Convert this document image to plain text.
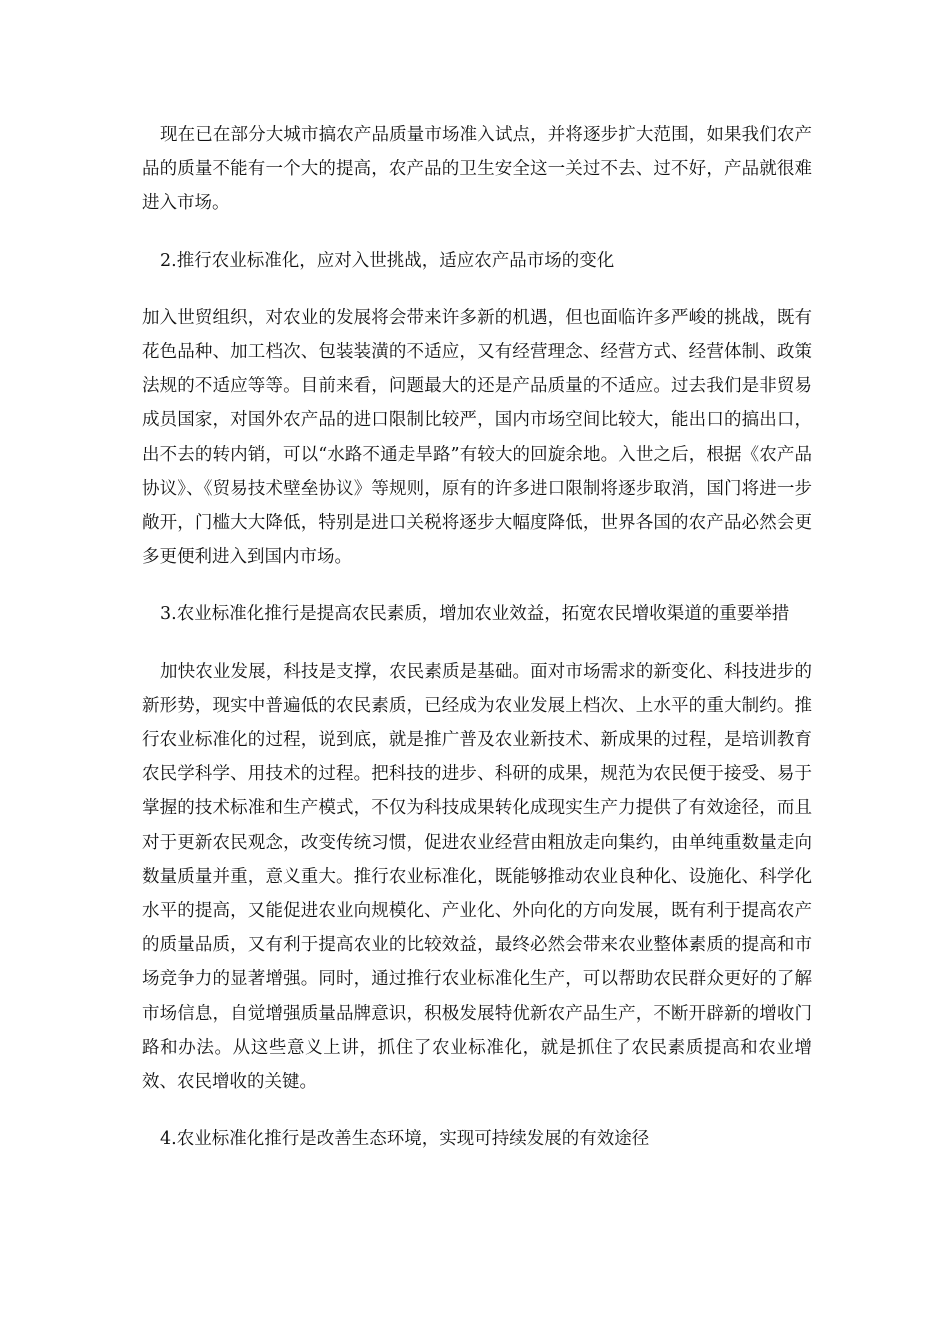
现在已在部分大城市搞农产品质量市场准入试点，并将逐步扩大范围，如果我们农产品的质量不能有一个大的提高，农产品的卫生安全这一关过不去、过不好，产品就很难进入市场。

2.推行农业标准化，应对入世挑战，适应农产品市场的变化

加入世贸组织，对农业的发展将会带来许多新的机遇，但也面临许多严峻的挑战，既有花色品种、加工档次、包装装潢的不适应，又有经营理念、经营方式、经营体制、政策法规的不适应等等。目前来看，问题最大的还是产品质量的不适应。过去我们是非贸易成员国家，对国外农产品的进口限制比较严，国内市场空间比较大，能出口的搞出口，出不去的转内销，可以“水路不通走旱路”有较大的回旋余地。入世之后，根据《农产品协议》、《贸易技术壁垒协议》等规则，原有的许多进口限制将逐步取消，国门将进一步敞开，门槛大大降低，特别是进口关税将逐步大幅度降低，世界各国的农产品必然会更多更便利进入到国内市场。

3.农业标准化推行是提高农民素质，增加农业效益，拓宽农民增收渠道的重要举措

加快农业发展，科技是支撑，农民素质是基础。面对市场需求的新变化、科技进步的新形势，现实中普遍低的农民素质，已经成为农业发展上档次、上水平的重大制约。推行农业标准化的过程，说到底，就是推广普及农业新技术、新成果的过程，是培训教育农民学科学、用技术的过程。把科技的进步、科研的成果，规范为农民便于接受、易于掌握的技术标准和生产模式，不仅为科技成果转化成现实生产力提供了有效途径，而且对于更新农民观念，改变传统习惯，促进农业经营由粗放走向集约，由单纯重数量走向数量质量并重，意义重大。推行农业标准化，既能够推动农业良种化、设施化、科学化水平的提高，又能促进农业向规模化、产业化、外向化的方向发展，既有利于提高农产的质量品质，又有利于提高农业的比较效益，最终必然会带来农业整体素质的提高和市场竞争力的显著增强。同时，通过推行农业标准化生产，可以帮助农民群众更好的了解市场信息，自觉增强质量品牌意识，积极发展特优新农产品生产，不断开辟新的增收门路和办法。从这些意义上讲，抓住了农业标准化，就是抓住了农民素质提高和农业增效、农民增收的关键。

4.农业标准化推行是改善生态环境，实现可持续发展的有效途径
